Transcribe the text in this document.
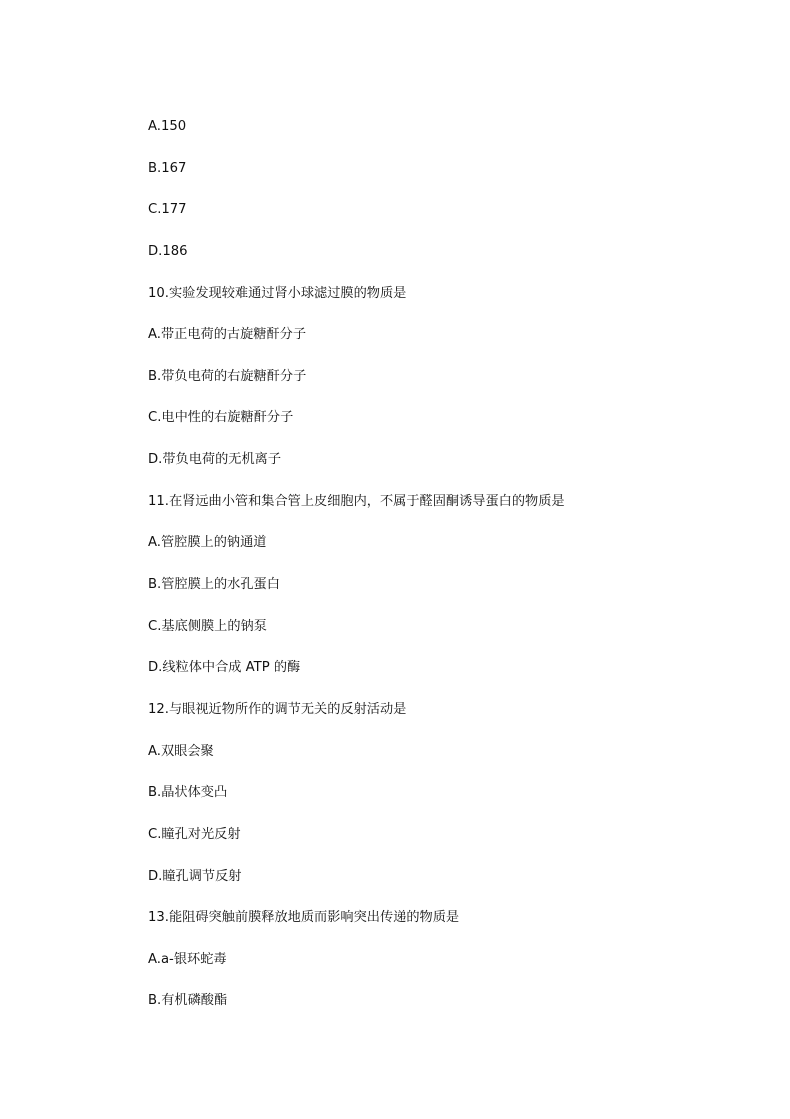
A.150
B.167
C.177
D.186
10.实验发现较难通过肾小球滤过膜的物质是
A.带正电荷的古旋糖酐分子
B.带负电荷的右旋糖酐分子
C.电中性的右旋糖酐分子
D.带负电荷的无机离子
11.在肾远曲小管和集合管上皮细胞内，不属于醛固酮诱导蛋白的物质是
A.管腔膜上的钠通道
B.管腔膜上的水孔蛋白
C.基底侧膜上的钠泵
D.线粒体中合成 ATP 的酶
12.与眼视近物所作的调节无关的反射活动是
A.双眼会聚
B.晶状体变凸
C.瞳孔对光反射
D.瞳孔调节反射
13.能阻碍突触前膜释放地质而影响突出传递的物质是
A.a-银环蛇毒
B.有机磷酸酯
